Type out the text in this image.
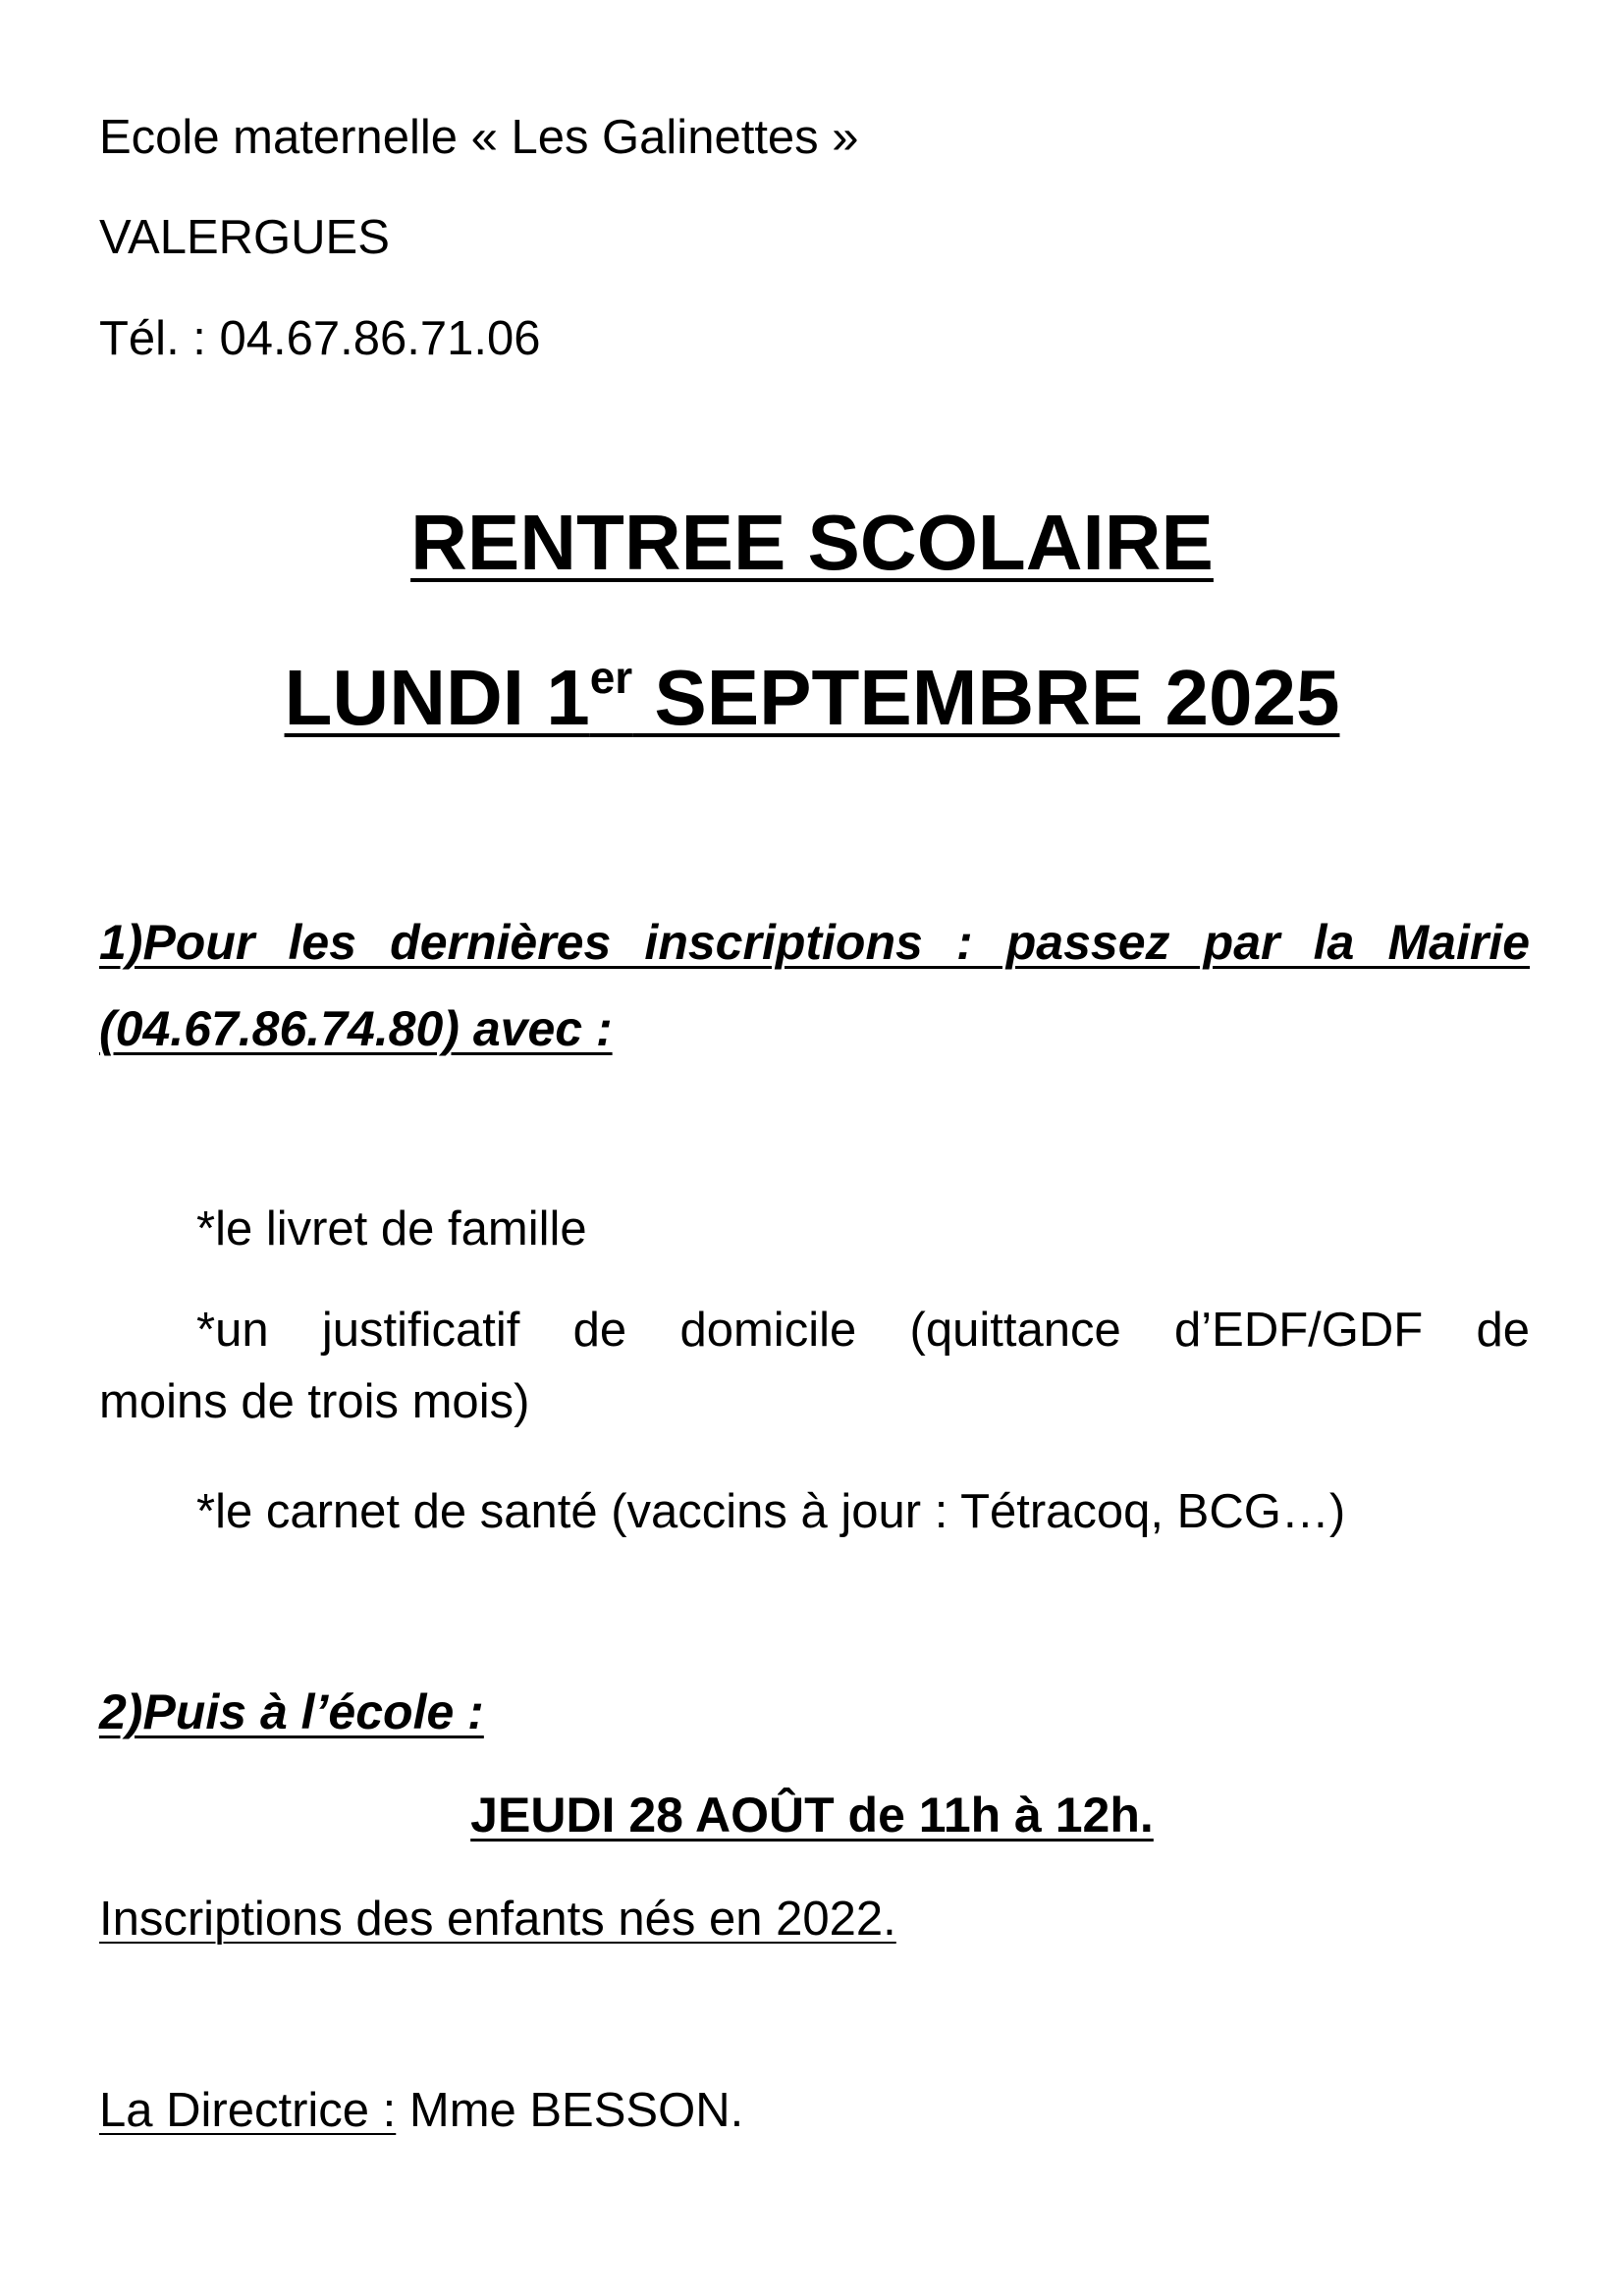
Ecole maternelle « Les Galinettes »

VALERGUES

Tél. : 04.67.86.71.06

RENTREE SCOLAIRE
LUNDI 1er SEPTEMBRE 2025

1)Pour les dernières inscriptions : passez par la Mairie

(04.67.86.74.80) avec :

*le livret de famille

*un justificatif de domicile (quittance d’EDF/GDF de
moins de trois mois)

*le carnet de santé (vaccins à jour : Tétracoq, BCG…)

2)Puis à l’école :

JEUDI 28 AOÛT de 11h à 12h.

Inscriptions des enfants nés en 2022.

La Directrice : Mme BESSON.
